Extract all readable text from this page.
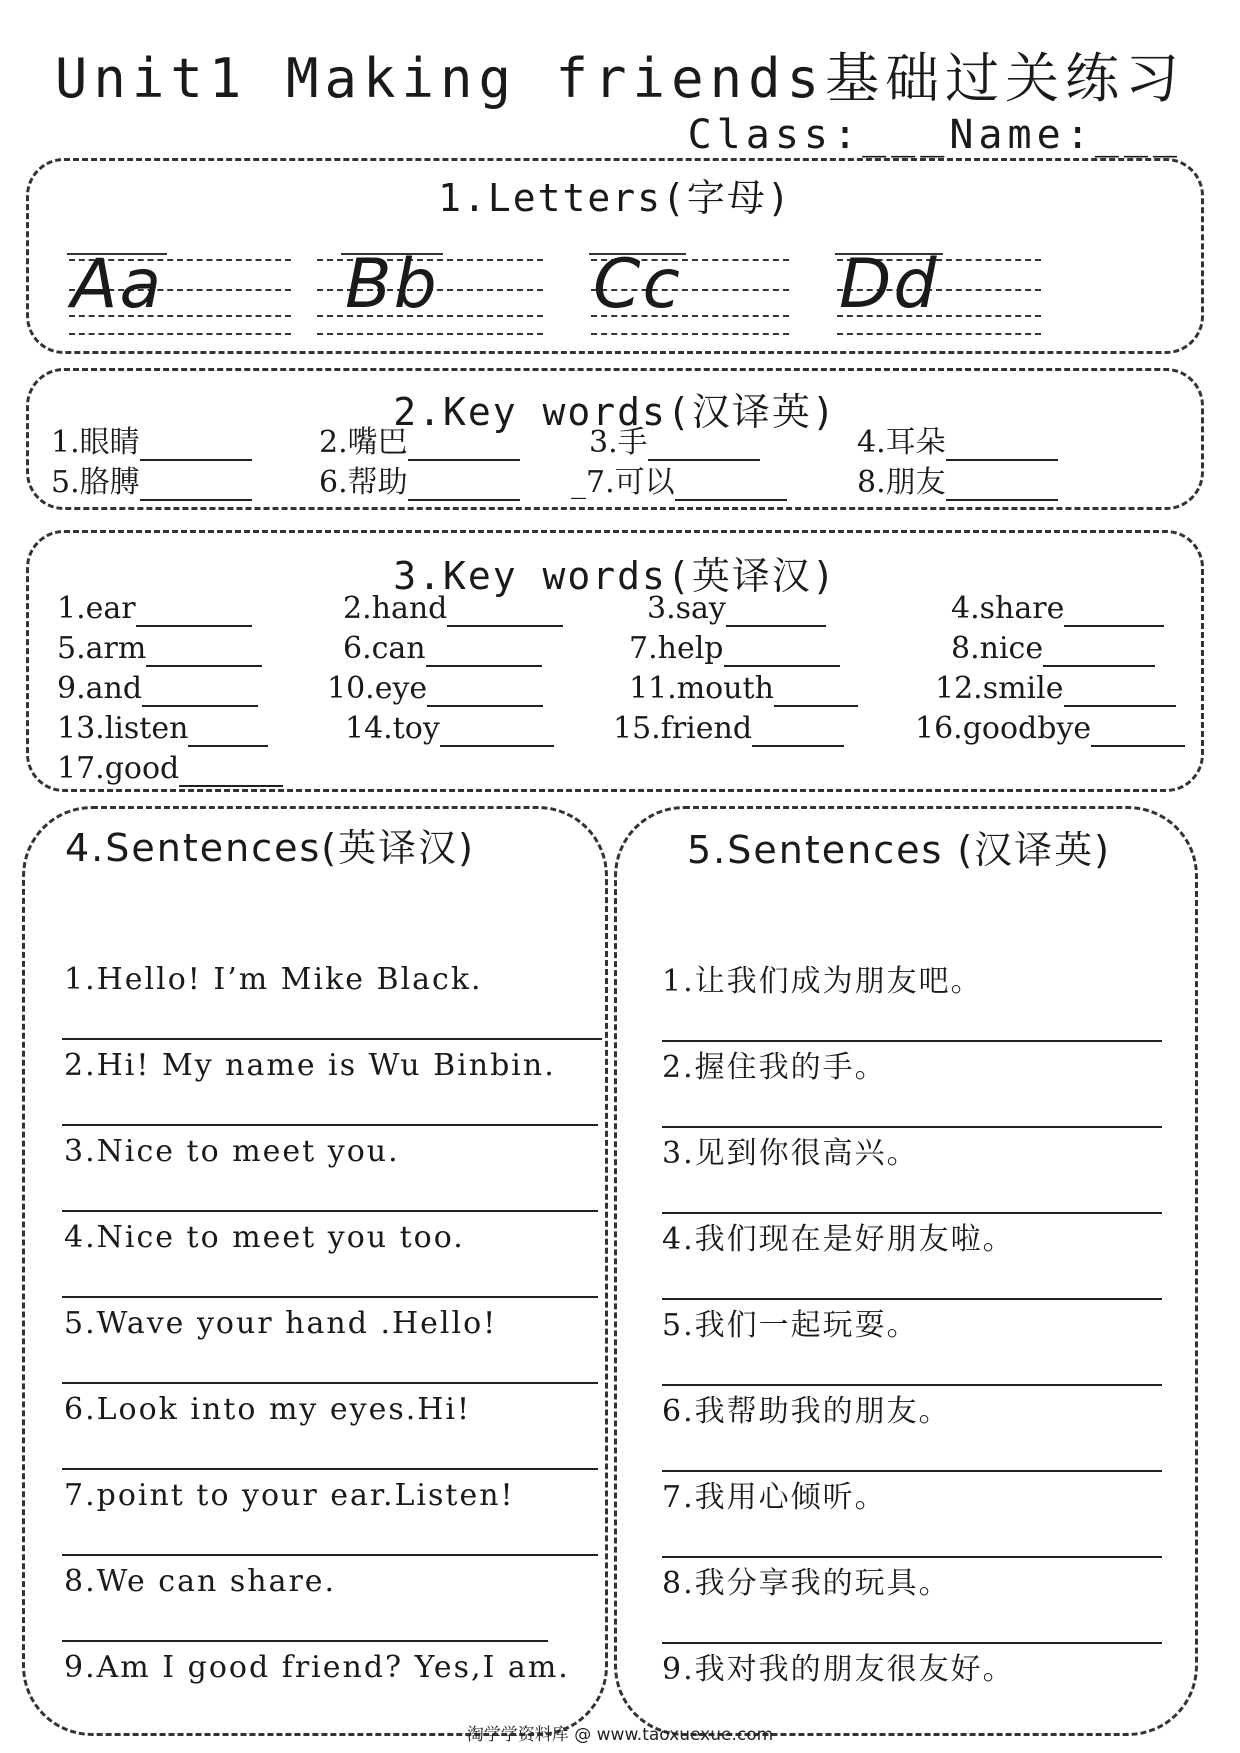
Unit1 Making friends基础过关练习
Class:___Name:___
1.Letters(字母)
Aa	Bb Cc Dd
2.Key words(汉译英)
1.眼睛	2.嘴巴	3.手	4.耳朵
5.胳膊	6.帮助	_7.可以	8.朋友
3.Key words(英译汉)
1.ear	2.hand	3.say	4.share
5.arm	6.can	7.help	8.nice
9.and	10.eye	11.mouth	12.smile
13.listen	14.toy	15.friend	16.goodbye
17.good
4.Sentences(英译汉)
1.Hello! I’m Mike Black.
2.Hi! My name is Wu Binbin.
3.Nice to meet you.
4.Nice to meet you too.
5.Wave your hand .Hello!
6.Look into my eyes.Hi!
7.point to your ear.Listen!
8.We can share.
9.Am I good friend? Yes,I am.
5.Sentences (汉译英)
1.让我们成为朋友吧。
2.握住我的手。
3.见到你很高兴。
4.我们现在是好朋友啦。
5.我们一起玩耍。
6.我帮助我的朋友。
7.我用心倾听。
8.我分享我的玩具。
9.我对我的朋友很友好。
淘学学资料库 @ www.taoxuexue.com
